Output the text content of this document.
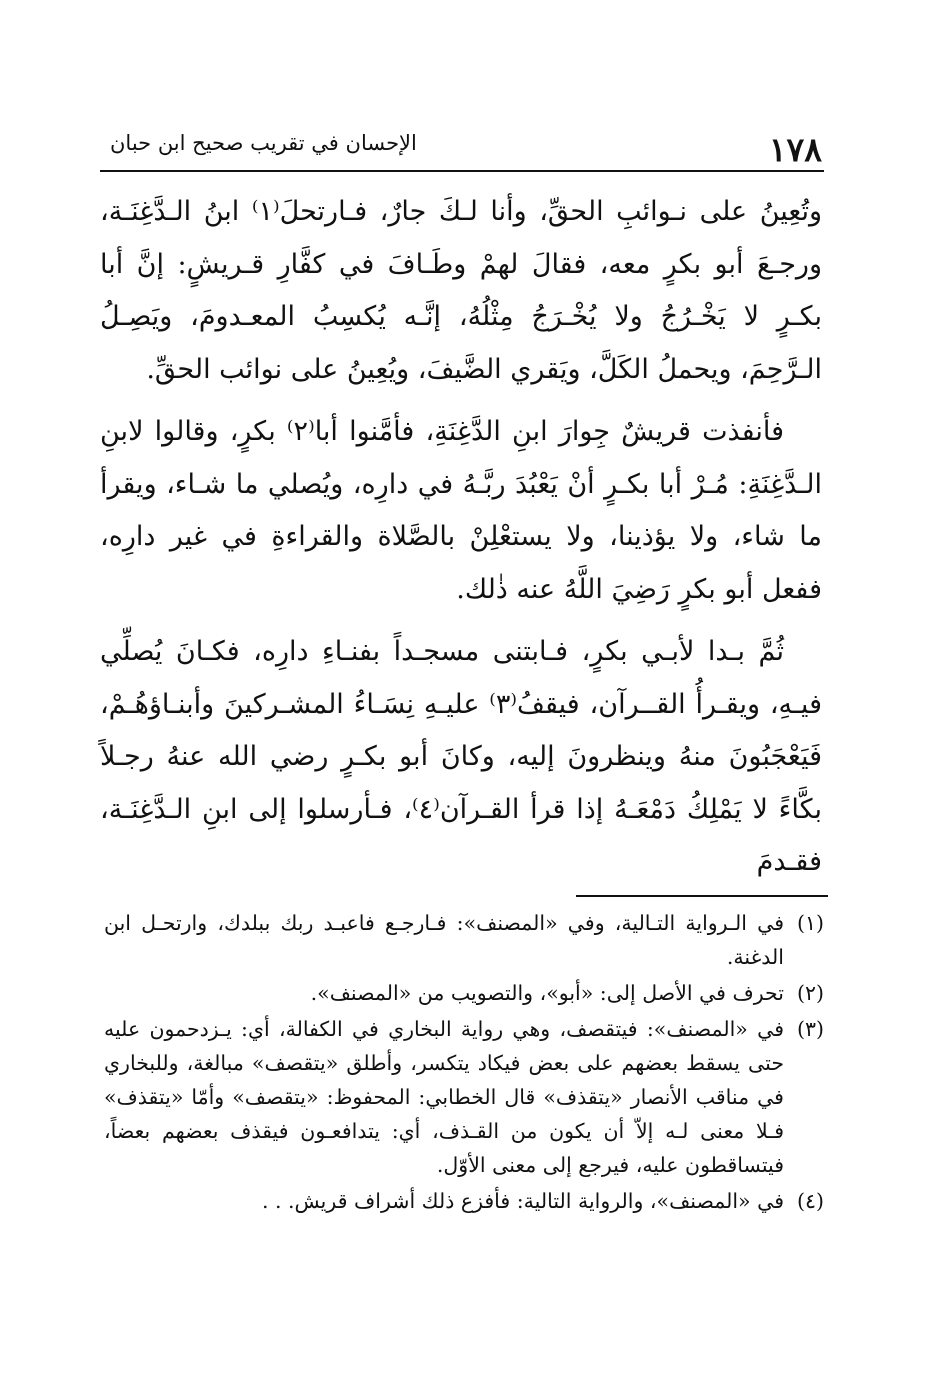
١٧٨
الإحسان في تقريب صحيح ابن حبان

وتُعِينُ على نـوائبِ الحقِّ، وأنا لـكَ جارٌ، فـارتحلَ⁽١⁾ ابنُ الـدَّغِنَـة، ورجـعَ أبو بكرٍ معه، فقالَ لهمْ وطَـافَ في كفَّارِ قـريشٍ: إنَّ أبا بكـرٍ لا يَخْـرُجُ ولا يُخْـرَجُ مِثْلُهُ، إنَّـه يُكسِبُ المعـدومَ، ويَصِـلُ الـرَّحِمَ، ويحملُ الكَلَّ، ويَقري الضَّيفَ، ويُعِينُ على نوائب الحقِّ.

فأنفذت قريشٌ جِوارَ ابنِ الدَّغِنَةِ، فأمَّنوا أبا⁽٢⁾ بكرٍ، وقالوا لابنِ الـدَّغِنَةِ: مُـرْ أبا بكـرٍ أنْ يَعْبُدَ ربَّـهُ في دارِه، ويُصلي ما شـاء، ويقرأ ما شاء، ولا يؤذينا، ولا يستعْلِنْ بالصَّلاة والقراءةِ في غير دارِه، ففعل أبو بكرٍ رَضِيَ اللَّهُ عنه ذٰلك.

ثُمَّ بـدا لأبـي بكرٍ، فـابتنى مسجـداً بفنـاءِ دارِه، فكـانَ يُصلِّي فيـهِ، ويقـرأُ القــرآن، فيقفُ⁽٣⁾ عليـهِ نِسَـاءُ المشـركينَ وأبنـاؤهُـمْ، فَيَعْجَبُونَ منهُ وينظرونَ إليه، وكانَ أبو بكـرٍ رضي الله عنهُ رجـلاً بكَّاءً لا يَمْلِكُ دَمْعَـهُ إذا قرأ القـرآن⁽٤⁾، فـأرسلوا إلى ابنِ الـدَّغِنَـة، فقـدمَ

(١)
في الـرواية التـالية، وفي «المصنف»: فـارجـع فاعبـد ربك ببلدك، وارتحـل ابن الدغنة.
(٢)
تحرف في الأصل إلى: «أبو»، والتصويب من «المصنف».
(٣)
في «المصنف»: فيتقصف، وهي رواية البخاري في الكفالة، أي: يـزدحمون عليه حتى يسقط بعضهم على بعض فيكاد يتكسر، وأطلق «يتقصف» مبالغة، وللبخاري في مناقب الأنصار «يتقذف» قال الخطابي: المحفوظ: «يتقصف» وأمّا «يتقذف» فـلا معنى لـه إلاّ أن يكون من القـذف، أي: يتدافعـون فيقذف بعضهم بعضاً، فيتساقطون عليه، فيرجع إلى معنى الأوّل.
(٤)
في «المصنف»، والرواية التالية: فأفزع ذلك أشراف قريش. . .
